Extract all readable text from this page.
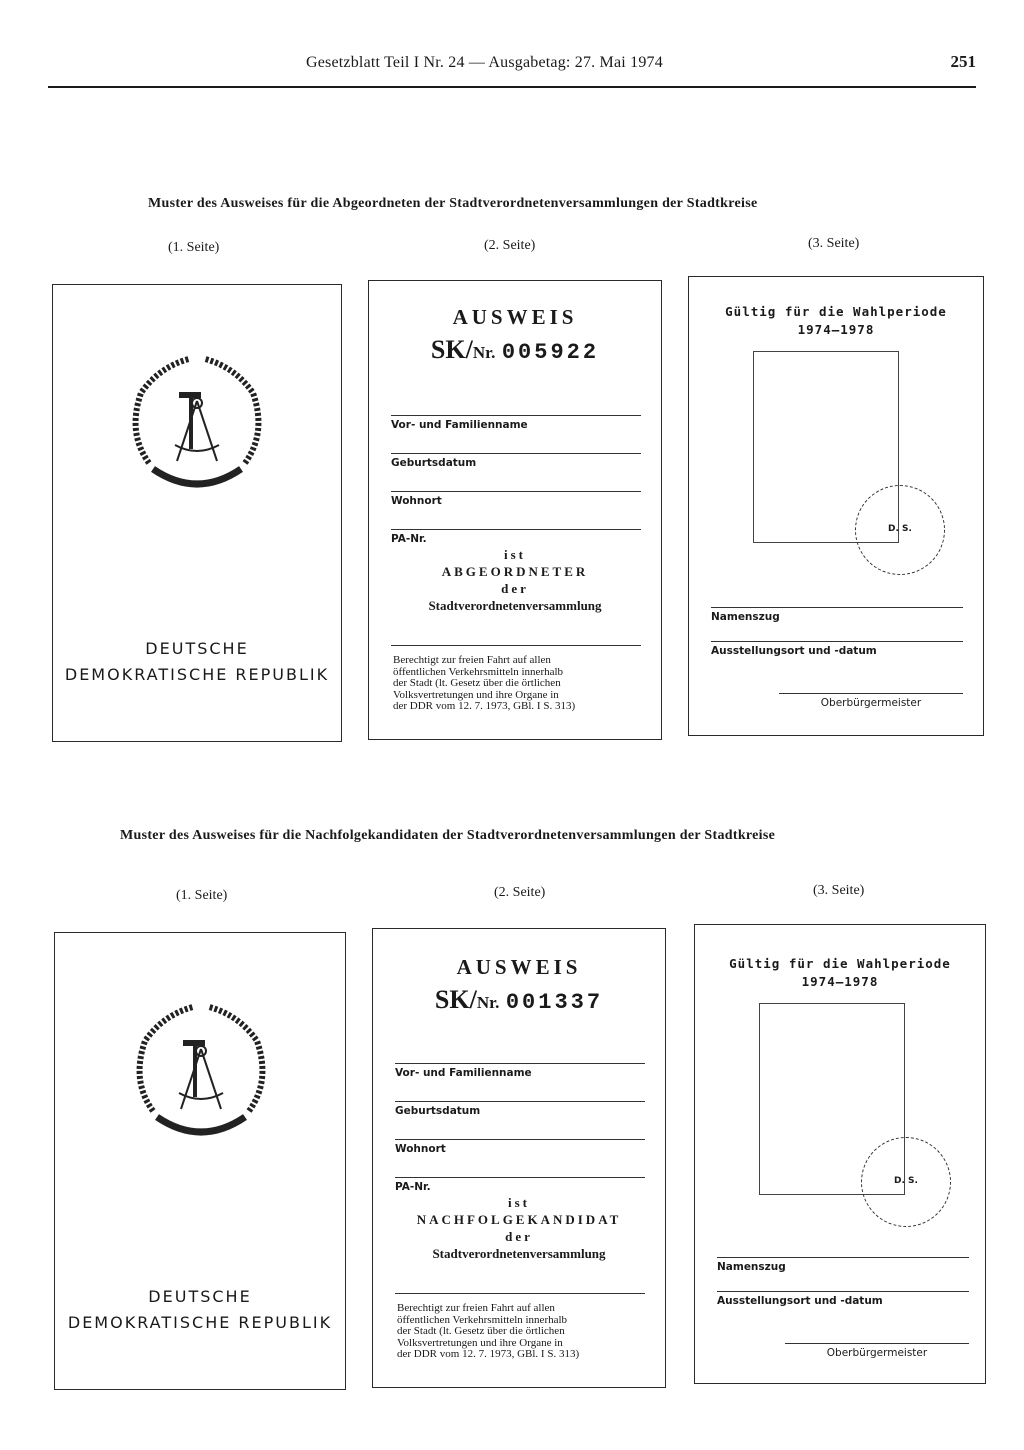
Gesetzblatt Teil I Nr. 24 — Ausgabetag: 27. Mai 1974	251
Muster des Ausweises für die Abgeordneten der Stadtverordnetenversammlungen der Stadtkreise
(1. Seite)	(2. Seite)	(3. Seite)
DEUTSCHE
DEMOKRATISCHE REPUBLIK
AUSWEIS
SK/Nr. 005922
Vor- und Familienname
Geburtsdatum
Wohnort
PA-Nr.
ist
ABGEORDNETER
der
Stadtverordnetenversammlung
Berechtigt zur freien Fahrt auf allen
öffentlichen Verkehrsmitteln innerhalb
der Stadt (lt. Gesetz über die örtlichen
Volksvertretungen und ihre Organe in
der DDR vom 12. 7. 1973, GBl. I S. 313)
Gültig für die Wahlperiode
1974—1978
D. S.
Namenszug
Ausstellungsort und -datum
Oberbürgermeister
Muster des Ausweises für die Nachfolgekandidaten der Stadtverordnetenversammlungen der Stadtkreise
(1. Seite)	(2. Seite)	(3. Seite)
DEUTSCHE
DEMOKRATISCHE REPUBLIK
AUSWEIS
SK/Nr. 001337
Vor- und Familienname
Geburtsdatum
Wohnort
PA-Nr.
ist
NACHFOLGEKANDIDAT
der
Stadtverordnetenversammlung
Berechtigt zur freien Fahrt auf allen
öffentlichen Verkehrsmitteln innerhalb
der Stadt (lt. Gesetz über die örtlichen
Volksvertretungen und ihre Organe in
der DDR vom 12. 7. 1973, GBl. I S. 313)
Gültig für die Wahlperiode
1974—1978
D. S.
Namenszug
Ausstellungsort und -datum
Oberbürgermeister
